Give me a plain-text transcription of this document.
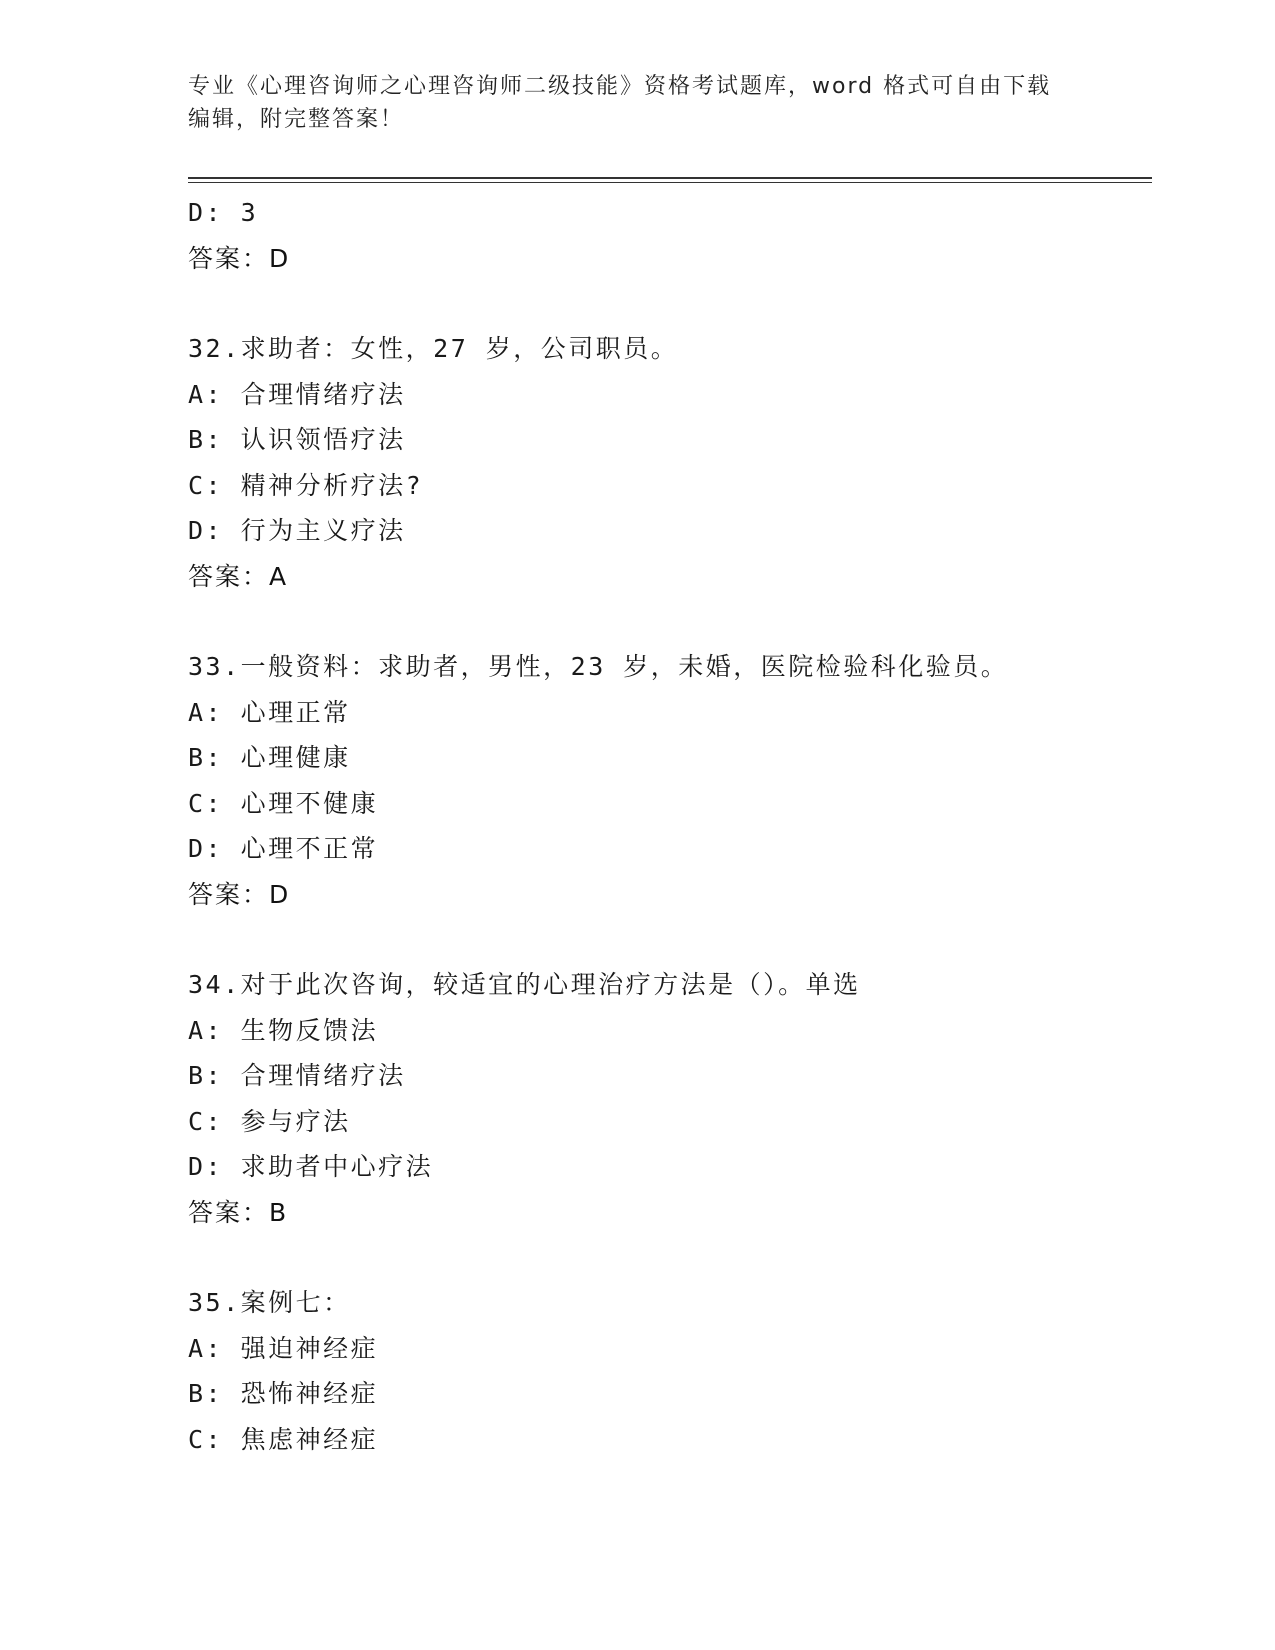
专业《心理咨询师之心理咨询师二级技能》资格考试题库，word 格式可自由下载
编辑，附完整答案！
D: 3
答案：D
32.求助者：女性，27 岁，公司职员。
A: 合理情绪疗法
B: 认识领悟疗法
C: 精神分析疗法?
D: 行为主义疗法
答案：A
33.一般资料：求助者，男性，23 岁，未婚，医院检验科化验员。
A: 心理正常
B: 心理健康
C: 心理不健康
D: 心理不正常
答案：D
34.对于此次咨询，较适宜的心理治疗方法是（）。单选
A: 生物反馈法
B: 合理情绪疗法
C: 参与疗法
D: 求助者中心疗法
答案：B
35.案例七：
A: 强迫神经症
B: 恐怖神经症
C: 焦虑神经症
